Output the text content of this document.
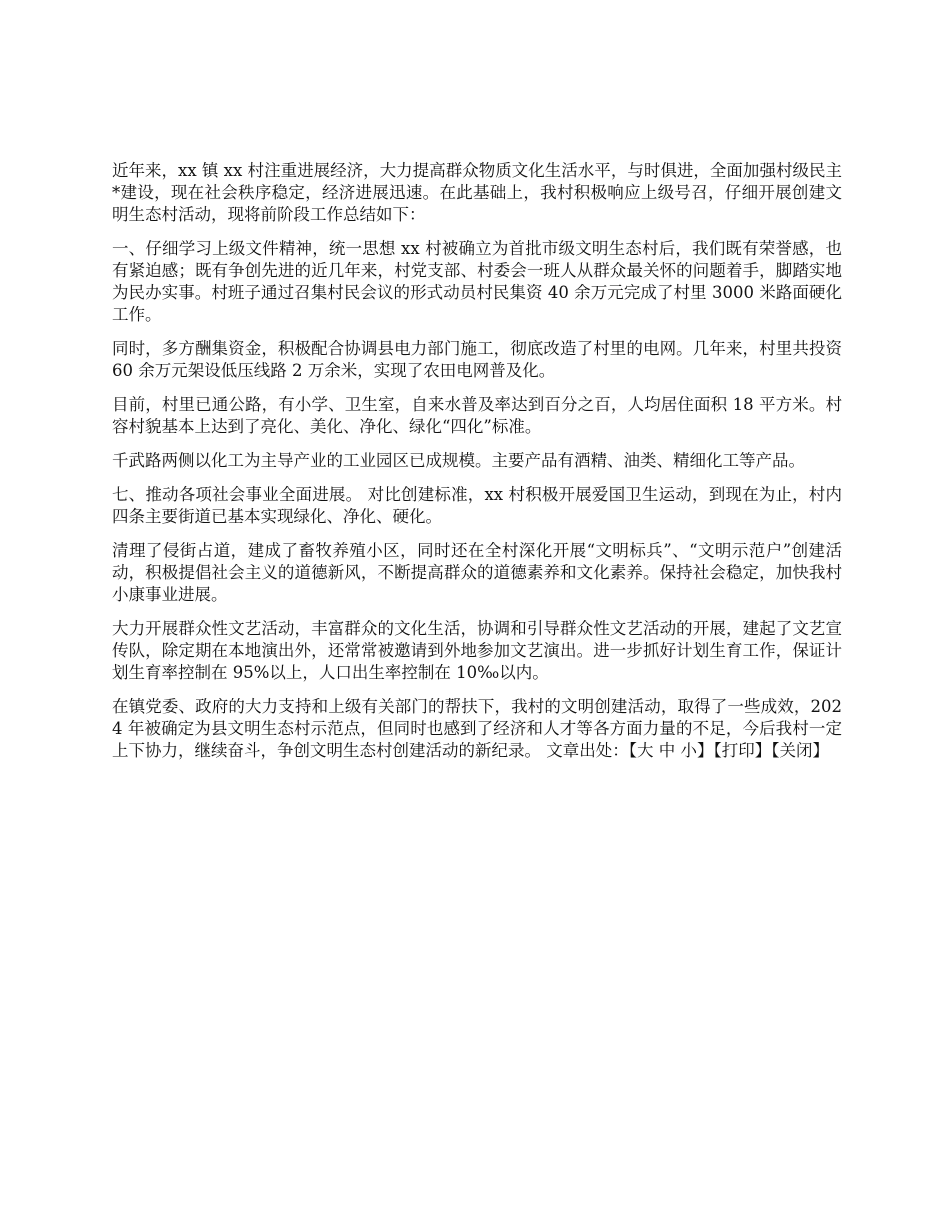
近年来，xx 镇 xx 村注重进展经济，大力提高群众物质文化生活水平，与时俱进，全面加强村级民主*建设，现在社会秩序稳定，经济进展迅速。在此基础上，我村积极响应上级号召，仔细开展创建文明生态村活动，现将前阶段工作总结如下：

一、仔细学习上级文件精神，统一思想 xx 村被确立为首批市级文明生态村后，我们既有荣誉感，也有紧迫感；既有争创先进的近几年来，村党支部、村委会一班人从群众最关怀的问题着手，脚踏实地为民办实事。村班子通过召集村民会议的形式动员村民集资 40 余万元完成了村里 3000 米路面硬化工作。

同时，多方酬集资金，积极配合协调县电力部门施工，彻底改造了村里的电网。几年来，村里共投资 60 余万元架设低压线路 2 万余米，实现了农田电网普及化。

目前，村里已通公路，有小学、卫生室，自来水普及率达到百分之百，人均居住面积 18 平方米。村容村貌基本上达到了亮化、美化、净化、绿化“四化”标准。

千武路两侧以化工为主导产业的工业园区已成规模。主要产品有酒精、油类、精细化工等产品。

七、推动各项社会事业全面进展。 对比创建标准，xx 村积极开展爱国卫生运动，到现在为止，村内四条主要街道已基本实现绿化、净化、硬化。

清理了侵街占道，建成了畜牧养殖小区，同时还在全村深化开展“文明标兵”、“文明示范户”创建活动，积极提倡社会主义的道德新风，不断提高群众的道德素养和文化素养。保持社会稳定，加快我村小康事业进展。

大力开展群众性文艺活动，丰富群众的文化生活，协调和引导群众性文艺活动的开展，建起了文艺宣传队，除定期在本地演出外，还常常被邀请到外地参加文艺演出。进一步抓好计划生育工作，保证计划生育率控制在 95%以上，人口出生率控制在 10‰以内。

在镇党委、政府的大力支持和上级有关部门的帮扶下，我村的文明创建活动，取得了一些成效，2024 年被确定为县文明生态村示范点，但同时也感到了经济和人才等各方面力量的不足，今后我村一定上下协力，继续奋斗，争创文明生态村创建活动的新纪录。 文章出处：【大 中 小】【打印】【关闭】
